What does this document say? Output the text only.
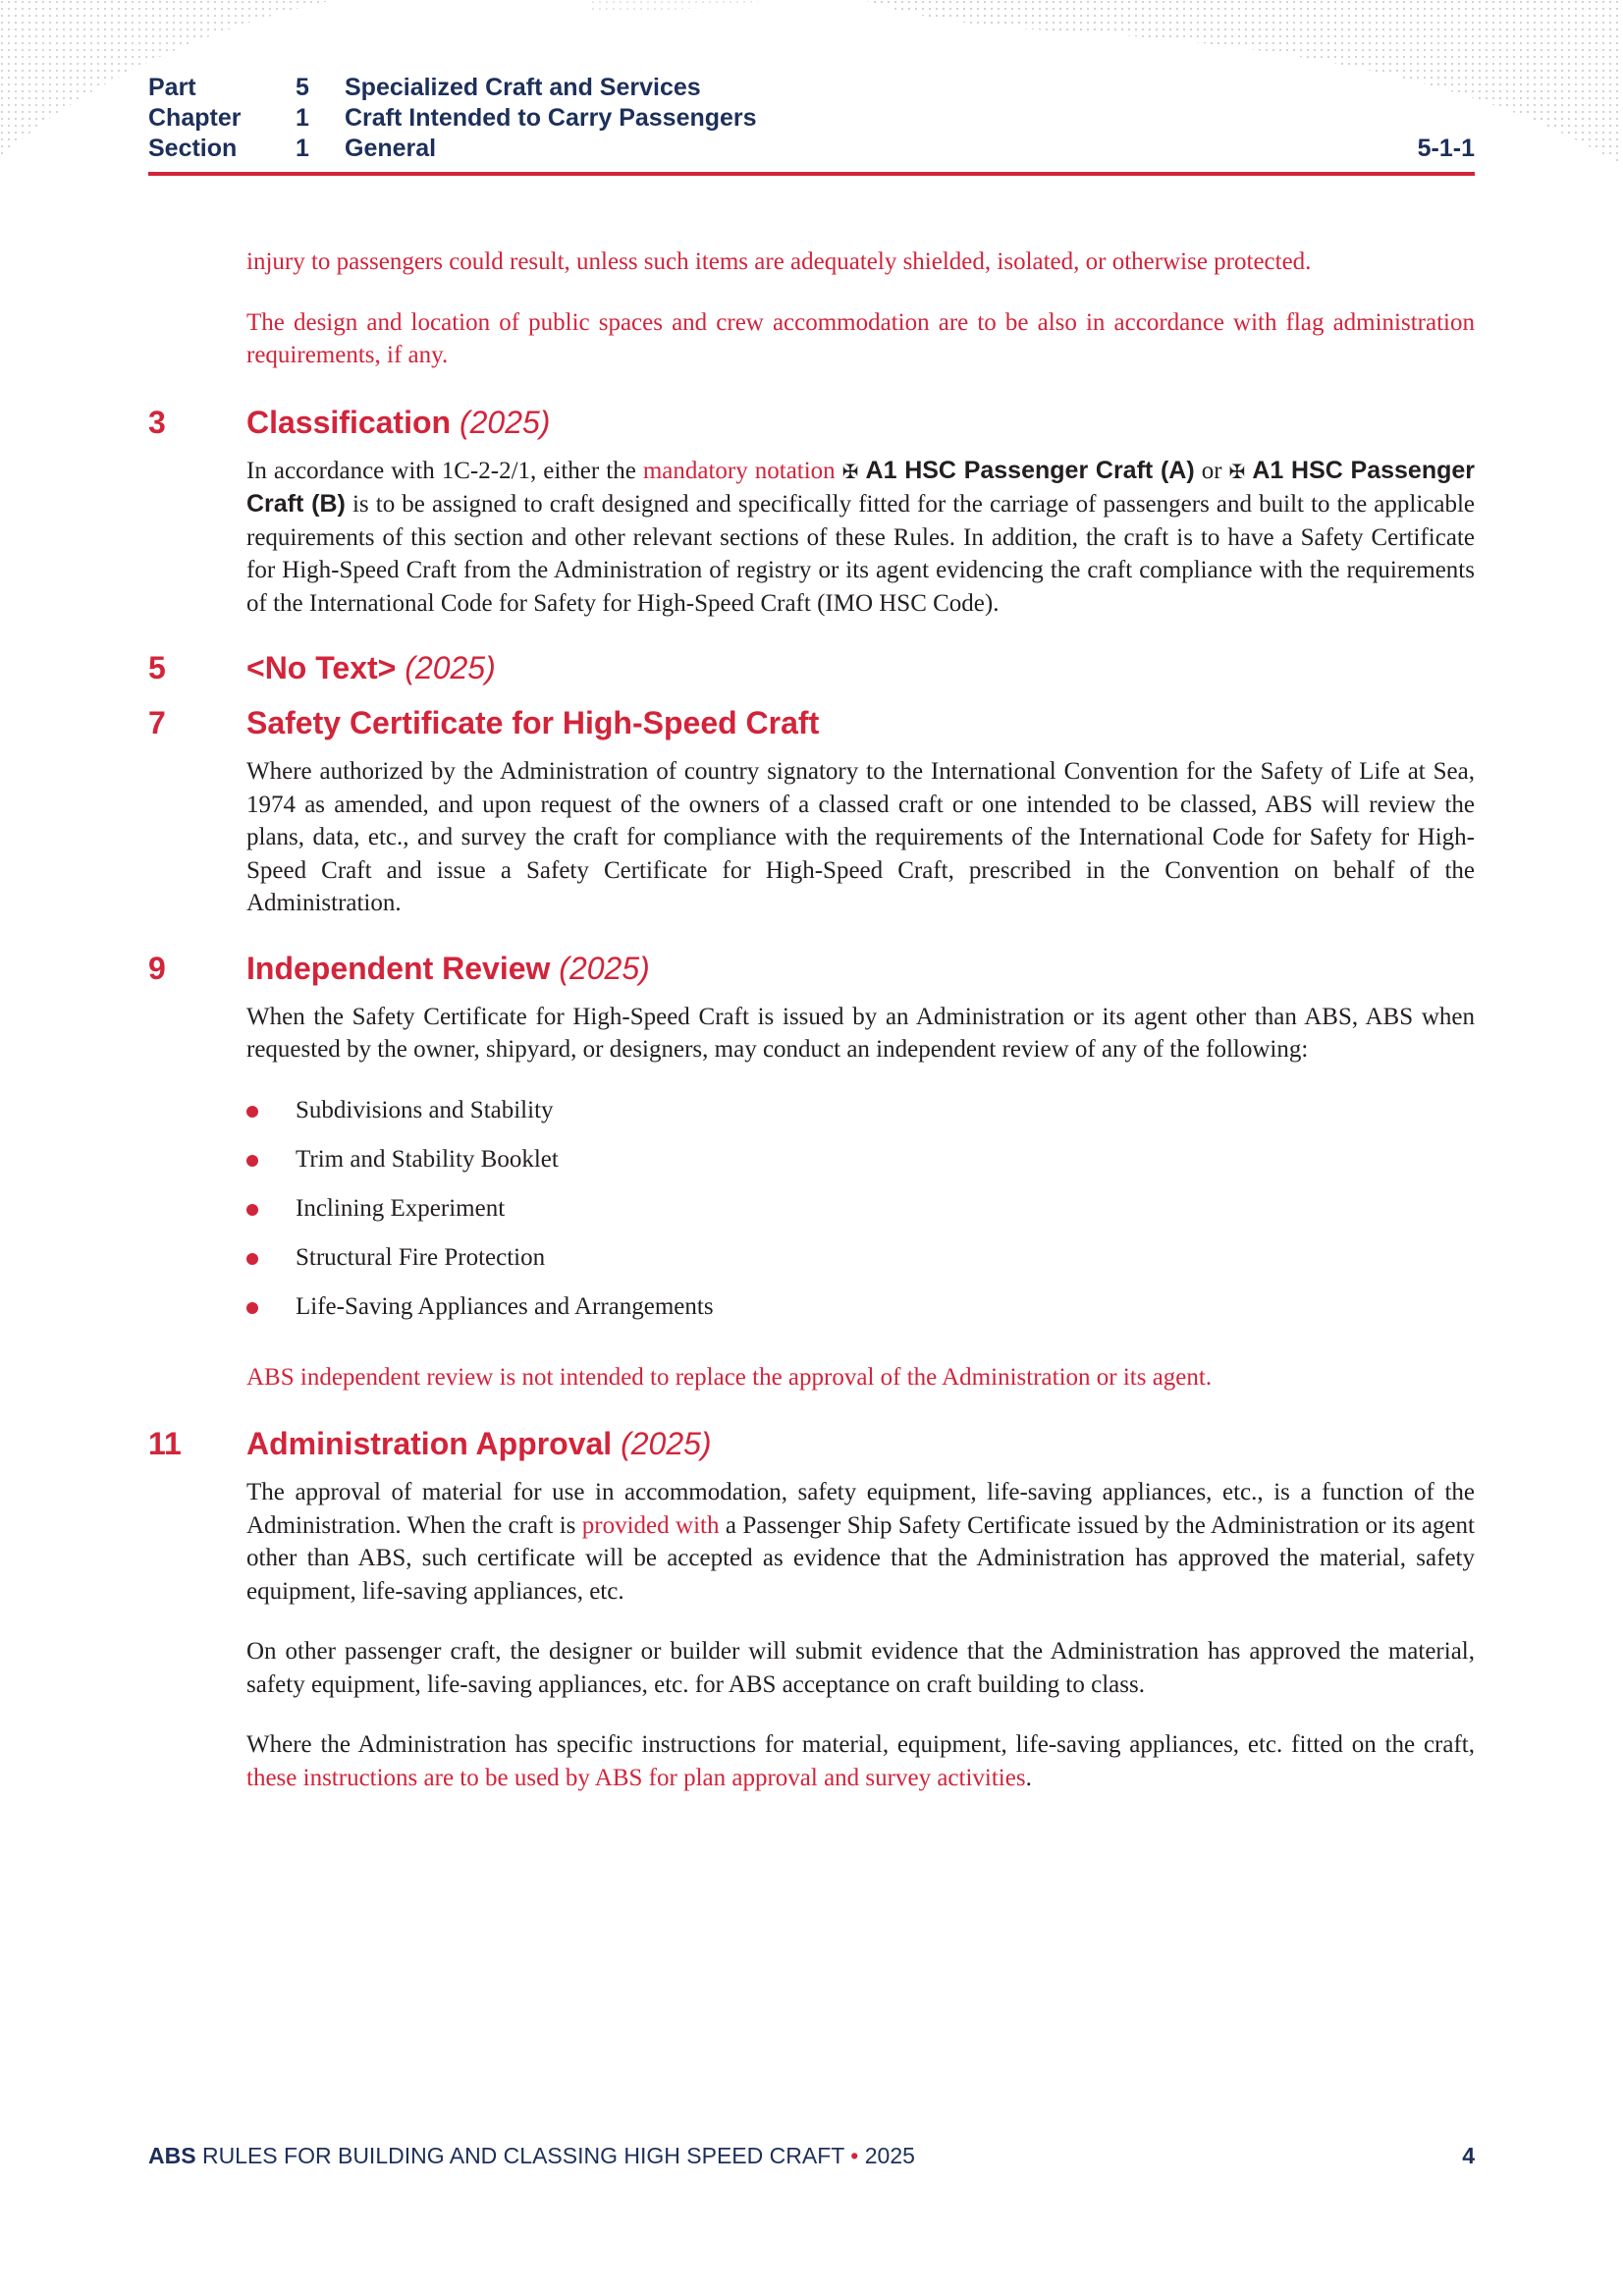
Part	5 Specialized Craft and Services
Chapter 1 Craft Intended to Carry Passengers
Section 1 General	5-1-1

injury to passengers could result, unless such items are adequately shielded, isolated, or otherwise protected.

The design and location of public spaces and crew accommodation are to be also in accordance with flag administration requirements, if any.

3	Classification (2025)

In accordance with 1C-2-2/1, either the mandatory notation ✠ A1 HSC Passenger Craft (A) or ✠ A1 HSC Passenger Craft (B) is to be assigned to craft designed and specifically fitted for the carriage of passengers and built to the applicable requirements of this section and other relevant sections of these Rules. In addition, the craft is to have a Safety Certificate for High-Speed Craft from the Administration of registry or its agent evidencing the craft compliance with the requirements of the International Code for Safety for High-Speed Craft (IMO HSC Code).

5	<No Text> (2025)
7	Safety Certificate for High-Speed Craft

Where authorized by the Administration of country signatory to the International Convention for the Safety of Life at Sea, 1974 as amended, and upon request of the owners of a classed craft or one intended to be classed, ABS will review the plans, data, etc., and survey the craft for compliance with the requirements of the International Code for Safety for High-Speed Craft and issue a Safety Certificate for High-Speed Craft, prescribed in the Convention on behalf of the Administration.

9	Independent Review (2025)

When the Safety Certificate for High-Speed Craft is issued by an Administration or its agent other than ABS, ABS when requested by the owner, shipyard, or designers, may conduct an independent review of any of the following:

Subdivisions and Stability
Trim and Stability Booklet
Inclining Experiment
Structural Fire Protection
Life-Saving Appliances and Arrangements

ABS independent review is not intended to replace the approval of the Administration or its agent.

11 Administration Approval (2025)

The approval of material for use in accommodation, safety equipment, life-saving appliances, etc., is a function of the Administration. When the craft is provided with a Passenger Ship Safety Certificate issued by the Administration or its agent other than ABS, such certificate will be accepted as evidence that the Administration has approved the material, safety equipment, life-saving appliances, etc.

On other passenger craft, the designer or builder will submit evidence that the Administration has approved the material, safety equipment, life-saving appliances, etc. for ABS acceptance on craft building to class.

Where the Administration has specific instructions for material, equipment, life-saving appliances, etc. fitted on the craft, these instructions are to be used by ABS for plan approval and survey activities.

ABS RULES FOR BUILDING AND CLASSING HIGH SPEED CRAFT • 2025	4
